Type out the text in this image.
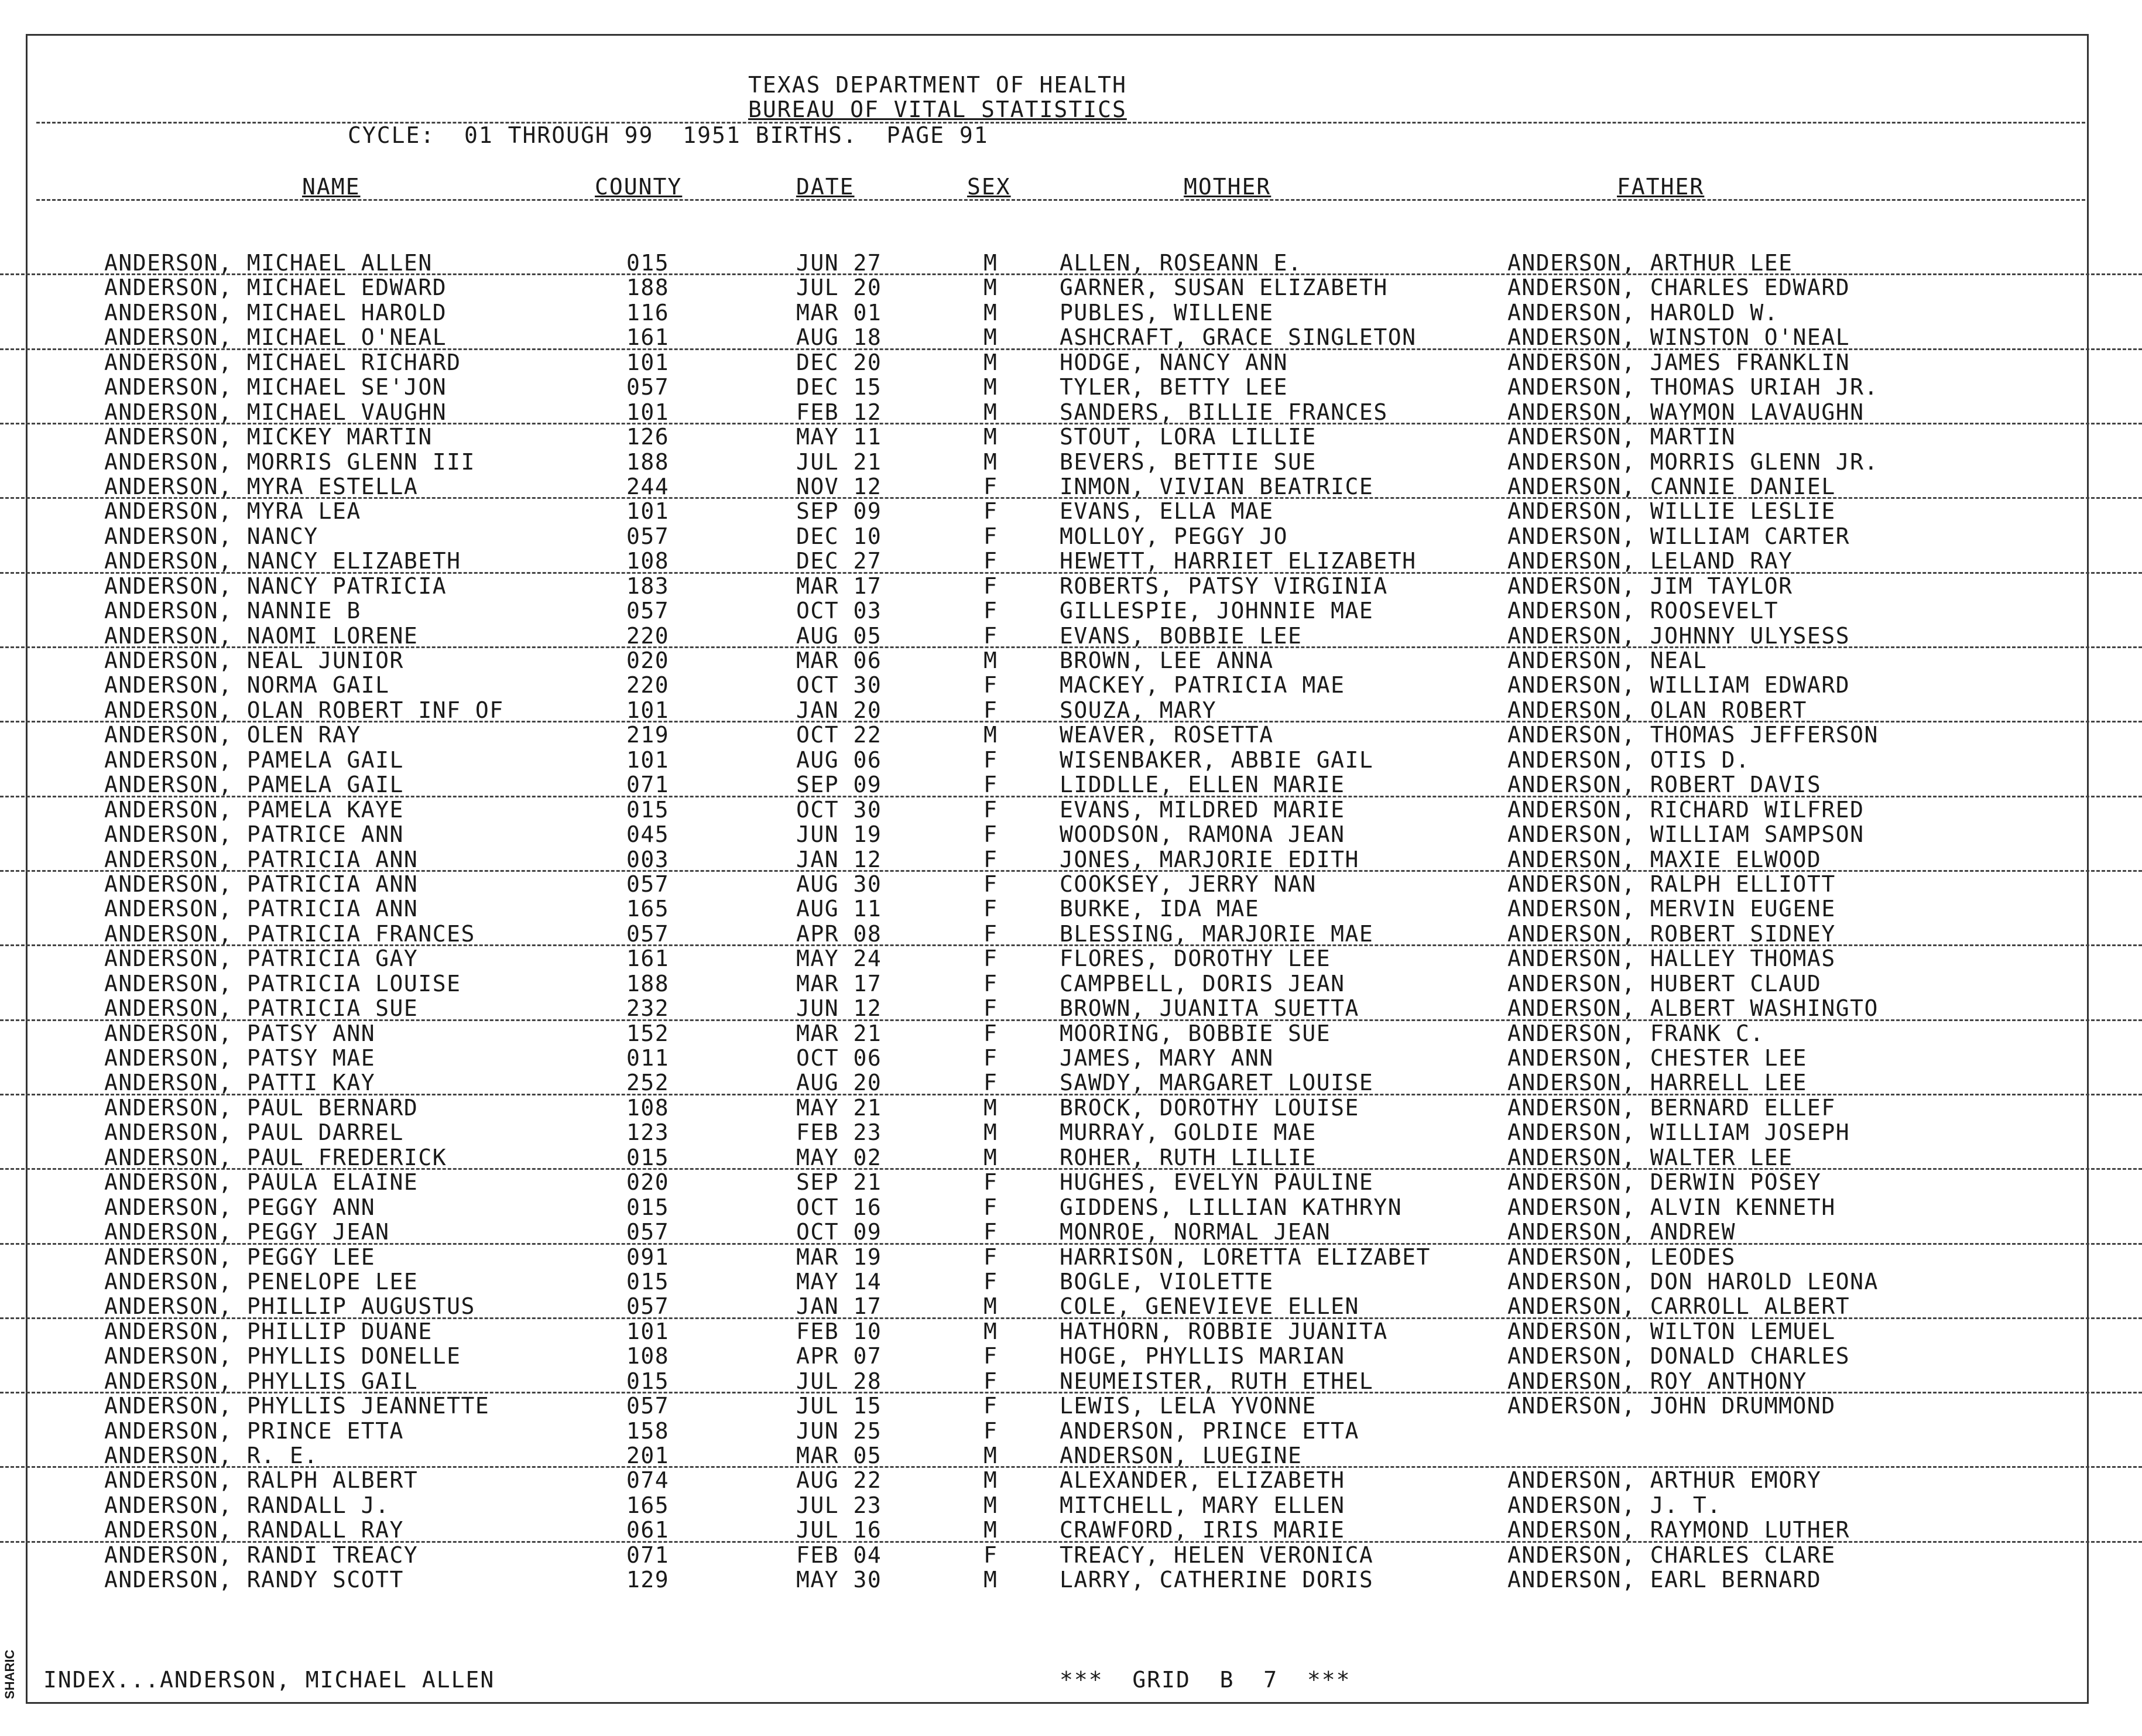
TEXAS DEPARTMENT OF HEALTH
BUREAU OF VITAL STATISTICS
CYCLE:  01 THROUGH 99  1951 BIRTHS.  PAGE 91
NAME	COUNTY	DATE	SEX	MOTHER	FATHER
ANDERSON, MICHAEL ALLEN	015	JUN 27	M	ALLEN, ROSEANN E.	ANDERSON, ARTHUR LEE
ANDERSON, MICHAEL EDWARD	188	JUL 20	M	GARNER, SUSAN ELIZABETH	ANDERSON, CHARLES EDWARD
ANDERSON, MICHAEL HAROLD	116	MAR 01	M	PUBLES, WILLENE	ANDERSON, HAROLD W.
ANDERSON, MICHAEL O'NEAL	161	AUG 18	M	ASHCRAFT, GRACE SINGLETON	ANDERSON, WINSTON O'NEAL
ANDERSON, MICHAEL RICHARD	101	DEC 20	M	HODGE, NANCY ANN	ANDERSON, JAMES FRANKLIN
ANDERSON, MICHAEL SE'JON	057	DEC 15	M	TYLER, BETTY LEE	ANDERSON, THOMAS URIAH JR.
ANDERSON, MICHAEL VAUGHN	101	FEB 12	M	SANDERS, BILLIE FRANCES	ANDERSON, WAYMON LAVAUGHN
ANDERSON, MICKEY MARTIN	126	MAY 11	M	STOUT, LORA LILLIE	ANDERSON, MARTIN
ANDERSON, MORRIS GLENN III	188	JUL 21	M	BEVERS, BETTIE SUE	ANDERSON, MORRIS GLENN JR.
ANDERSON, MYRA ESTELLA	244	NOV 12	F	INMON, VIVIAN BEATRICE	ANDERSON, CANNIE DANIEL
ANDERSON, MYRA LEA	101	SEP 09	F	EVANS, ELLA MAE	ANDERSON, WILLIE LESLIE
ANDERSON, NANCY	057	DEC 10	F	MOLLOY, PEGGY JO	ANDERSON, WILLIAM CARTER
ANDERSON, NANCY ELIZABETH	108	DEC 27	F	HEWETT, HARRIET ELIZABETH	ANDERSON, LELAND RAY
ANDERSON, NANCY PATRICIA	183	MAR 17	F	ROBERTS, PATSY VIRGINIA	ANDERSON, JIM TAYLOR
ANDERSON, NANNIE B	057	OCT 03	F	GILLESPIE, JOHNNIE MAE	ANDERSON, ROOSEVELT
ANDERSON, NAOMI LORENE	220	AUG 05	F	EVANS, BOBBIE LEE	ANDERSON, JOHNNY ULYSESS
ANDERSON, NEAL JUNIOR	020	MAR 06	M	BROWN, LEE ANNA	ANDERSON, NEAL
ANDERSON, NORMA GAIL	220	OCT 30	F	MACKEY, PATRICIA MAE	ANDERSON, WILLIAM EDWARD
ANDERSON, OLAN ROBERT INF OF	101	JAN 20	F	SOUZA, MARY	ANDERSON, OLAN ROBERT
ANDERSON, OLEN RAY	219	OCT 22	M	WEAVER, ROSETTA	ANDERSON, THOMAS JEFFERSON
ANDERSON, PAMELA GAIL	101	AUG 06	F	WISENBAKER, ABBIE GAIL	ANDERSON, OTIS D.
ANDERSON, PAMELA GAIL	071	SEP 09	F	LIDDLLE, ELLEN MARIE	ANDERSON, ROBERT DAVIS
ANDERSON, PAMELA KAYE	015	OCT 30	F	EVANS, MILDRED MARIE	ANDERSON, RICHARD WILFRED
ANDERSON, PATRICE ANN	045	JUN 19	F	WOODSON, RAMONA JEAN	ANDERSON, WILLIAM SAMPSON
ANDERSON, PATRICIA ANN	003	JAN 12	F	JONES, MARJORIE EDITH	ANDERSON, MAXIE ELWOOD
ANDERSON, PATRICIA ANN	057	AUG 30	F	COOKSEY, JERRY NAN	ANDERSON, RALPH ELLIOTT
ANDERSON, PATRICIA ANN	165	AUG 11	F	BURKE, IDA MAE	ANDERSON, MERVIN EUGENE
ANDERSON, PATRICIA FRANCES	057	APR 08	F	BLESSING, MARJORIE MAE	ANDERSON, ROBERT SIDNEY
ANDERSON, PATRICIA GAY	161	MAY 24	F	FLORES, DOROTHY LEE	ANDERSON, HALLEY THOMAS
ANDERSON, PATRICIA LOUISE	188	MAR 17	F	CAMPBELL, DORIS JEAN	ANDERSON, HUBERT CLAUD
ANDERSON, PATRICIA SUE	232	JUN 12	F	BROWN, JUANITA SUETTA	ANDERSON, ALBERT WASHINGTO
ANDERSON, PATSY ANN	152	MAR 21	F	MOORING, BOBBIE SUE	ANDERSON, FRANK C.
ANDERSON, PATSY MAE	011	OCT 06	F	JAMES, MARY ANN	ANDERSON, CHESTER LEE
ANDERSON, PATTI KAY	252	AUG 20	F	SAWDY, MARGARET LOUISE	ANDERSON, HARRELL LEE
ANDERSON, PAUL BERNARD	108	MAY 21	M	BROCK, DOROTHY LOUISE	ANDERSON, BERNARD ELLEF
ANDERSON, PAUL DARREL	123	FEB 23	M	MURRAY, GOLDIE MAE	ANDERSON, WILLIAM JOSEPH
ANDERSON, PAUL FREDERICK	015	MAY 02	M	ROHER, RUTH LILLIE	ANDERSON, WALTER LEE
ANDERSON, PAULA ELAINE	020	SEP 21	F	HUGHES, EVELYN PAULINE	ANDERSON, DERWIN POSEY
ANDERSON, PEGGY ANN	015	OCT 16	F	GIDDENS, LILLIAN KATHRYN	ANDERSON, ALVIN KENNETH
ANDERSON, PEGGY JEAN	057	OCT 09	F	MONROE, NORMAL JEAN	ANDERSON, ANDREW
ANDERSON, PEGGY LEE	091	MAR 19	F	HARRISON, LORETTA ELIZABET	ANDERSON, LEODES
ANDERSON, PENELOPE LEE	015	MAY 14	F	BOGLE, VIOLETTE	ANDERSON, DON HAROLD LEONA
ANDERSON, PHILLIP AUGUSTUS	057	JAN 17	M	COLE, GENEVIEVE ELLEN	ANDERSON, CARROLL ALBERT
ANDERSON, PHILLIP DUANE	101	FEB 10	M	HATHORN, ROBBIE JUANITA	ANDERSON, WILTON LEMUEL
ANDERSON, PHYLLIS DONELLE	108	APR 07	F	HOGE, PHYLLIS MARIAN	ANDERSON, DONALD CHARLES
ANDERSON, PHYLLIS GAIL	015	JUL 28	F	NEUMEISTER, RUTH ETHEL	ANDERSON, ROY ANTHONY
ANDERSON, PHYLLIS JEANNETTE	057	JUL 15	F	LEWIS, LELA YVONNE	ANDERSON, JOHN DRUMMOND
ANDERSON, PRINCE ETTA	158	JUN 25	F	ANDERSON, PRINCE ETTA
ANDERSON, R. E.	201	MAR 05	M	ANDERSON, LUEGINE
ANDERSON, RALPH ALBERT	074	AUG 22	M	ALEXANDER, ELIZABETH	ANDERSON, ARTHUR EMORY
ANDERSON, RANDALL J.	165	JUL 23	M	MITCHELL, MARY ELLEN	ANDERSON, J. T.
ANDERSON, RANDALL RAY	061	JUL 16	M	CRAWFORD, IRIS MARIE	ANDERSON, RAYMOND LUTHER
ANDERSON, RANDI TREACY	071	FEB 04	F	TREACY, HELEN VERONICA	ANDERSON, CHARLES CLARE
ANDERSON, RANDY SCOTT	129	MAY 30	M	LARRY, CATHERINE DORIS	ANDERSON, EARL BERNARD
INDEX...ANDERSON, MICHAEL ALLEN	***  GRID  B  7  ***
SHARIC
